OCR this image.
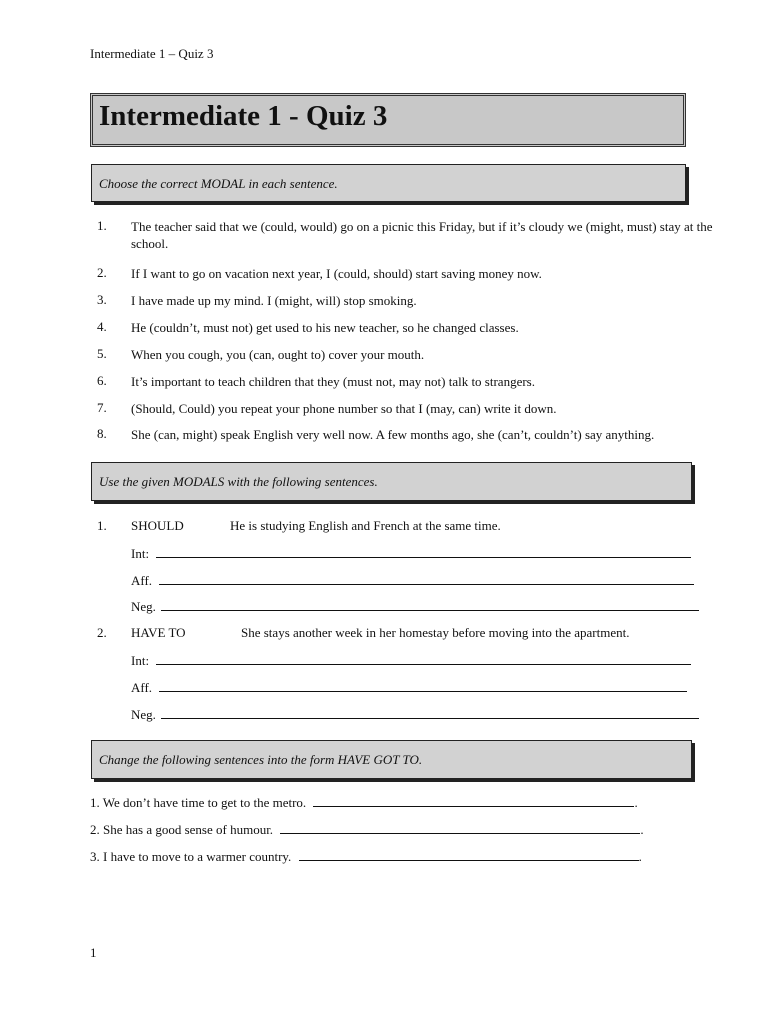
Intermediate 1 – Quiz 3
Intermediate 1 - Quiz 3
Choose the correct MODAL in each sentence.
1. The teacher said that we (could, would) go on a picnic this Friday, but if it’s cloudy we (might, must) stay at the school.
2. If I want to go on vacation next year, I (could, should) start saving money now.
3. I have made up my mind. I (might, will) stop smoking.
4. He (couldn’t, must not) get used to his new teacher, so he changed classes.
5. When you cough, you (can, ought to) cover your mouth.
6. It’s important to teach children that they (must not, may not) talk to strangers.
7. (Should, Could) you repeat your phone number so that I (may, can) write it down.
8. She (can, might) speak English very well now. A few months ago, she (can’t, couldn’t) say anything.
Use the given MODALS with the following sentences.
1. SHOULD	He is studying English and French at the same time.
Int:
Aff.
Neg.
2. HAVE TO	She stays another week in her homestay before moving into the apartment.
Int:
Aff.
Neg.
Change the following sentences into the form HAVE GOT TO.
1. We don’t have time to get to the metro.	.
2. She has a good sense of humour.	.
3. I have to move to a warmer country.	.
1
